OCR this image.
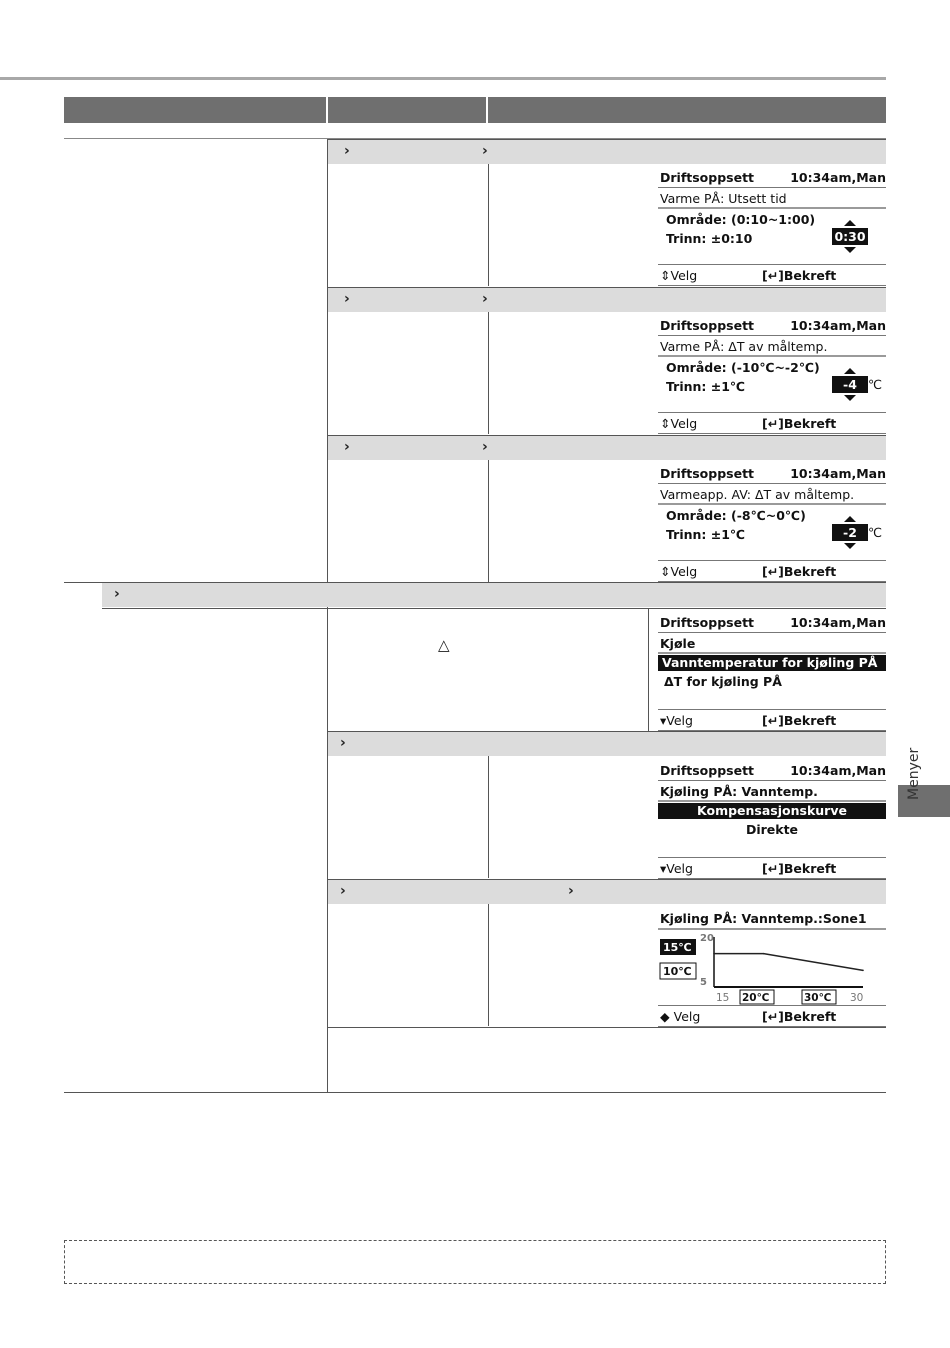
›	›
Driftsoppsett	10:34am,Man
Varme PÅ: Utsett tid
Område: (0:10~1:00)
Trinn: ±0:10	0:30
⇕Velg	[↵]Bekreft
›	›
Driftsoppsett	10:34am,Man
Varme PÅ: ΔT av måltemp.
Område: (-10℃~-2℃)
Trinn: ±1℃	-4 ℃
⇕Velg	[↵]Bekreft
›	›
Driftsoppsett	10:34am,Man
Varmeapp. AV: ΔT av måltemp.
Område: (-8℃~0℃)
Trinn: ±1℃	-2 ℃
⇕Velg	[↵]Bekreft
›
△
Driftsoppsett	10:34am,Man
Kjøle
Vanntemperatur for kjøling PÅ
ΔT for kjøling PÅ
▾Velg	[↵]Bekreft
›
Driftsoppsett	10:34am,Man
Kjøling PÅ: Vanntemp.
Kompensasjonskurve
Direkte
▾Velg	[↵]Bekreft
›	›
Kjøling PÅ: Vanntemp.:Sone1
20
5
15 20℃	30℃ 30
15℃
10℃
◆ Velg	[↵]Bekreft
Menyer
